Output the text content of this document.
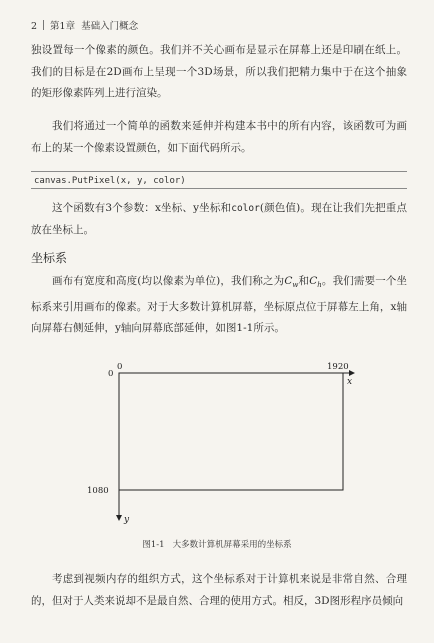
2 第1章 基础入门概念

独设置每一个像素的颜色。我们并不关心画布是显示在屏幕上还是印刷在纸上。我们的目标是在2D画布上呈现一个3D场景，所以我们把精力集中于在这个抽象的矩形像素阵列上进行渲染。

我们将通过一个简单的函数来延伸并构建本书中的所有内容，该函数可为画布上的某一个像素设置颜色，如下面代码所示。

canvas.PutPixel(x, y, color)

这个函数有3个参数：x坐标、y坐标和color(颜色值)。现在让我们先把重点放在坐标上。

坐标系

画布有宽度和高度(均以像素为单位)，我们称之为$C_w$和$C_h$。我们需要一个坐标系来引用画布的像素。对于大多数计算机屏幕，坐标原点位于屏幕左上角，x轴向屏幕右侧延伸，y轴向屏幕底部延伸，如图1-1所示。

0	1920
0
1080
x
y
图1-1 大多数计算机屏幕采用的坐标系

考虑到视频内存的组织方式，这个坐标系对于计算机来说是非常自然、合理的，但对于人类来说却不是最自然、合理的使用方式。相反，3D图形程序员倾向
